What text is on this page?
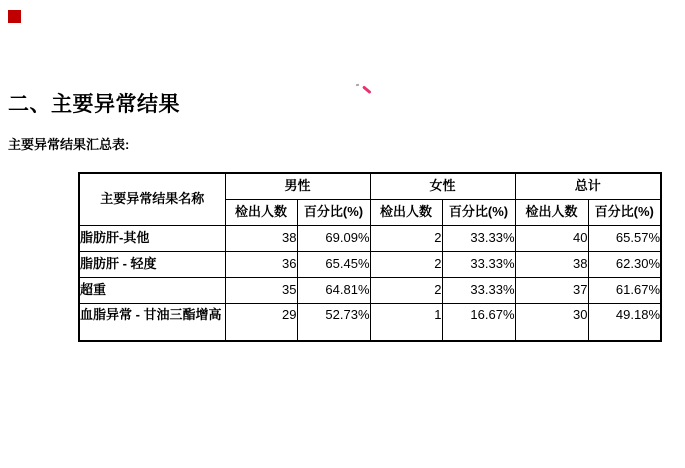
二、主要异常结果
主要异常结果汇总表:
主要异常结果名称	男性		女性		总计	
	检出人数	百分比(%)	检出人数	百分比(%)	检出人数	百分比(%)
脂肪肝-其他	38	69.09%	2	33.33%	40	65.57%
脂肪肝 - 轻度	36	65.45%	2	33.33%	38	62.30%
超重	35	64.81%	2	33.33%	37	61.67%
血脂异常 - 甘油三酯增高	29	52.73%	1	16.67%	30	49.18%
